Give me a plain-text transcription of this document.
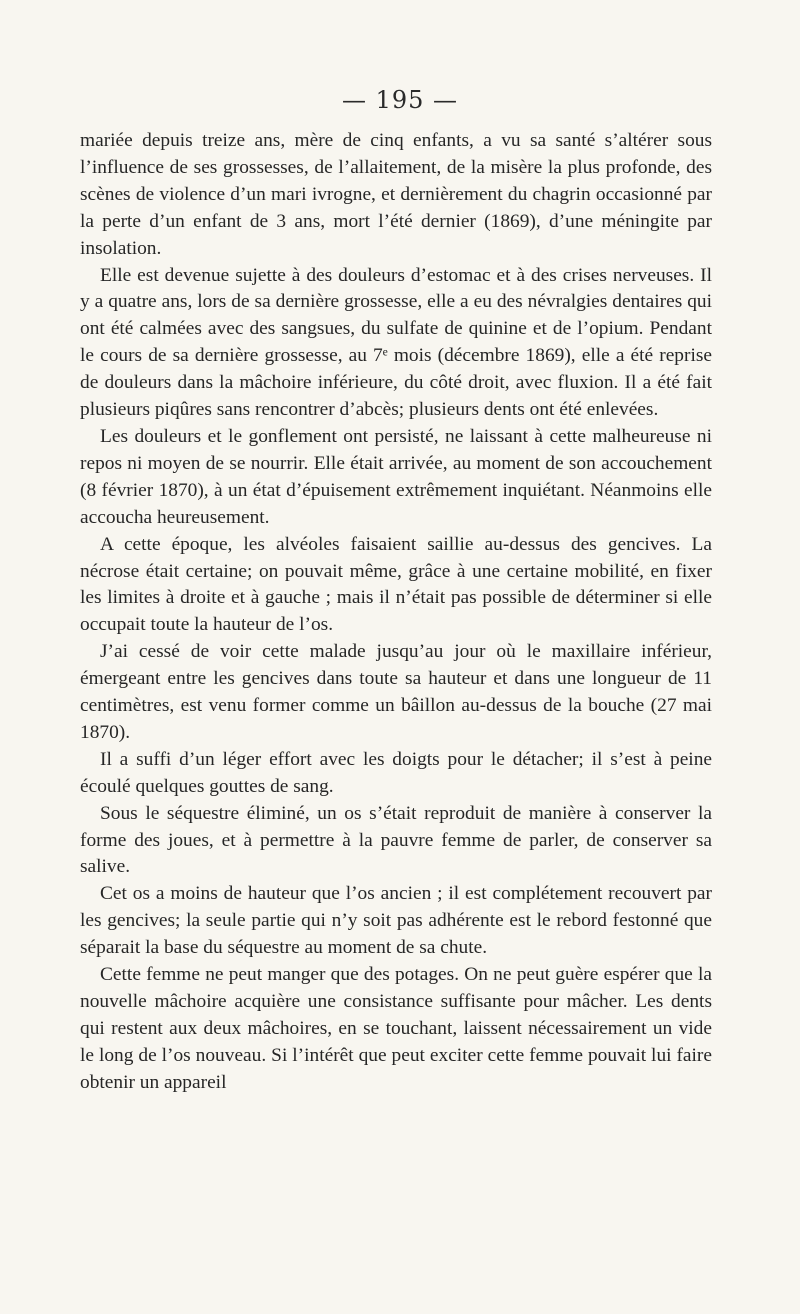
— 195 —

mariée depuis treize ans, mère de cinq enfants, a vu sa santé s’altérer sous l’influence de ses grossesses, de l’allaitement, de la misère la plus profonde, des scènes de violence d’un mari ivrogne, et dernièrement du chagrin occasionné par la perte d’un enfant de 3 ans, mort l’été dernier (1869), d’une méningite par insolation.

Elle est devenue sujette à des douleurs d’estomac et à des crises nerveuses. Il y a quatre ans, lors de sa dernière grossesse, elle a eu des névralgies dentaires qui ont été calmées avec des sangsues, du sulfate de quinine et de l’opium. Pendant le cours de sa dernière grossesse, au 7ᵉ mois (décembre 1869), elle a été reprise de douleurs dans la mâchoire inférieure, du côté droit, avec fluxion. Il a été fait plusieurs piqûres sans rencontrer d’abcès; plusieurs dents ont été enlevées.

Les douleurs et le gonflement ont persisté, ne laissant à cette malheureuse ni repos ni moyen de se nourrir. Elle était arrivée, au moment de son accouchement (8 février 1870), à un état d’épuisement extrêmement inquiétant. Néanmoins elle accoucha heureusement.

A cette époque, les alvéoles faisaient saillie au-dessus des gencives. La nécrose était certaine; on pouvait même, grâce à une certaine mobilité, en fixer les limites à droite et à gauche ; mais il n’était pas possible de déterminer si elle occupait toute la hauteur de l’os.

J’ai cessé de voir cette malade jusqu’au jour où le maxillaire inférieur, émergeant entre les gencives dans toute sa hauteur et dans une longueur de 11 centimètres, est venu former comme un bâillon au-dessus de la bouche (27 mai 1870).

Il a suffi d’un léger effort avec les doigts pour le détacher; il s’est à peine écoulé quelques gouttes de sang.

Sous le séquestre éliminé, un os s’était reproduit de manière à conserver la forme des joues, et à permettre à la pauvre femme de parler, de conserver sa salive.

Cet os a moins de hauteur que l’os ancien ; il est complétement recouvert par les gencives; la seule partie qui n’y soit pas adhérente est le rebord festonné que séparait la base du séquestre au moment de sa chute.

Cette femme ne peut manger que des potages. On ne peut guère espérer que la nouvelle mâchoire acquière une consistance suffisante pour mâcher. Les dents qui restent aux deux mâchoires, en se touchant, laissent nécessairement un vide le long de l’os nouveau. Si l’intérêt que peut exciter cette femme pouvait lui faire obtenir un appareil
